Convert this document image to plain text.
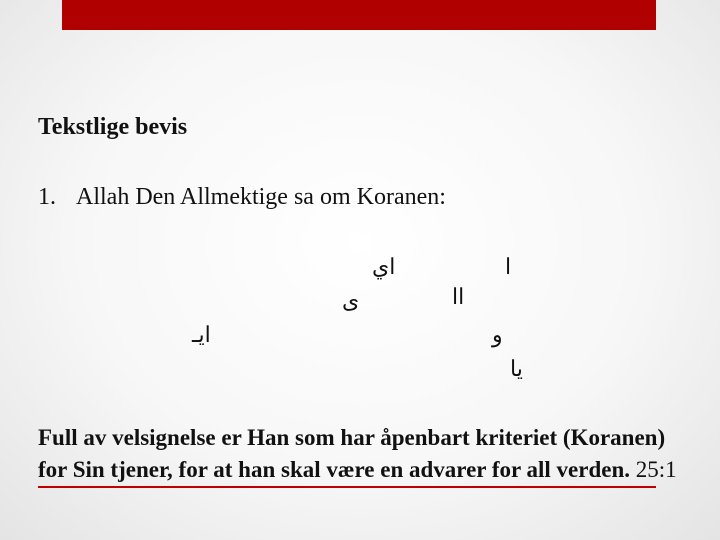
Tekstlige bevis
1. Allah Den Allmektige sa om Koranen:
اي	ا
ى	اا
و
ايـ
يا
Full av velsignelse er Han som har åpenbart kriteriet (Koranen) for Sin tjener, for at han skal være en advarer for all verden. 25:1
